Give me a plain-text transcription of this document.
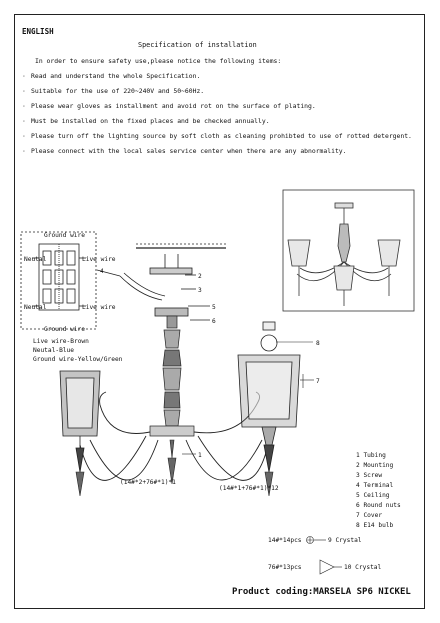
ENGLISH
Specification of installation
In order to ensure safety use,please notice the following items:
· Read and understand the whole Specification.
· Suitable for the use of 220~240V and 50~60Hz.
· Please wear gloves as installment and avoid rot on the surface of plating.
· Must be installed on the fixed places and be checked annually.
· Please turn off the lighting source by soft cloth as cleaning prohibted to use of rotted detergent.
· Please connect with the local sales service center when there are any abnormality.
Ground wire
Neutal	Live wire
Neutal	Live wire
Ground wire
4
2
3
5
6
8
7
1
(14#*2+76#*1)*1
(14#*1+76#*1)*12
Live wire-Brown
Neutal-Blue
Ground wire-Yellow/Green
1 Tubing
2 Mounting
3 Screw
4 Terminal
5 Ceiling
6 Round nuts
7 Cover
8 E14 bulb
14#*14pcs	9 Crystal
76#*13pcs	10 Crystal
Product coding:MARSELA SP6 NICKEL
